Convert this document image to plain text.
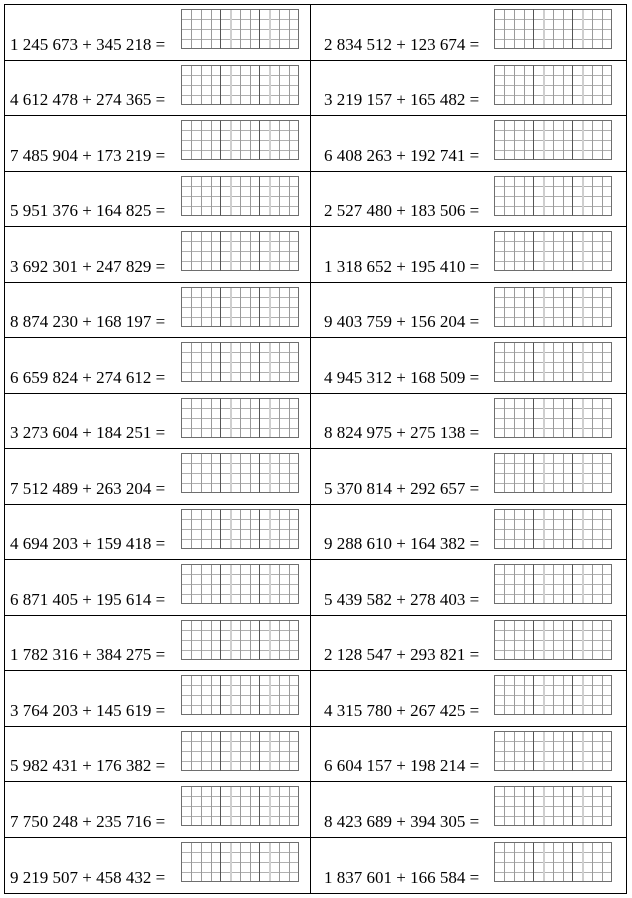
1 245 673 + 345 218 =	2 834 512 + 123 674 =
4 612 478 + 274 365 =	3 219 157 + 165 482 =
7 485 904 + 173 219 =	6 408 263 + 192 741 =
5 951 376 + 164 825 =	2 527 480 + 183 506 =
3 692 301 + 247 829 =	1 318 652 + 195 410 =
8 874 230 + 168 197 =	9 403 759 + 156 204 =
6 659 824 + 274 612 =	4 945 312 + 168 509 =
3 273 604 + 184 251 =	8 824 975 + 275 138 =
7 512 489 + 263 204 =	5 370 814 + 292 657 =
4 694 203 + 159 418 =	9 288 610 + 164 382 =
6 871 405 + 195 614 =	5 439 582 + 278 403 =
1 782 316 + 384 275 =	2 128 547 + 293 821 =
3 764 203 + 145 619 =	4 315 780 + 267 425 =
5 982 431 + 176 382 =	6 604 157 + 198 214 =
7 750 248 + 235 716 =	8 423 689 + 394 305 =
9 219 507 + 458 432 =	1 837 601 + 166 584 =
